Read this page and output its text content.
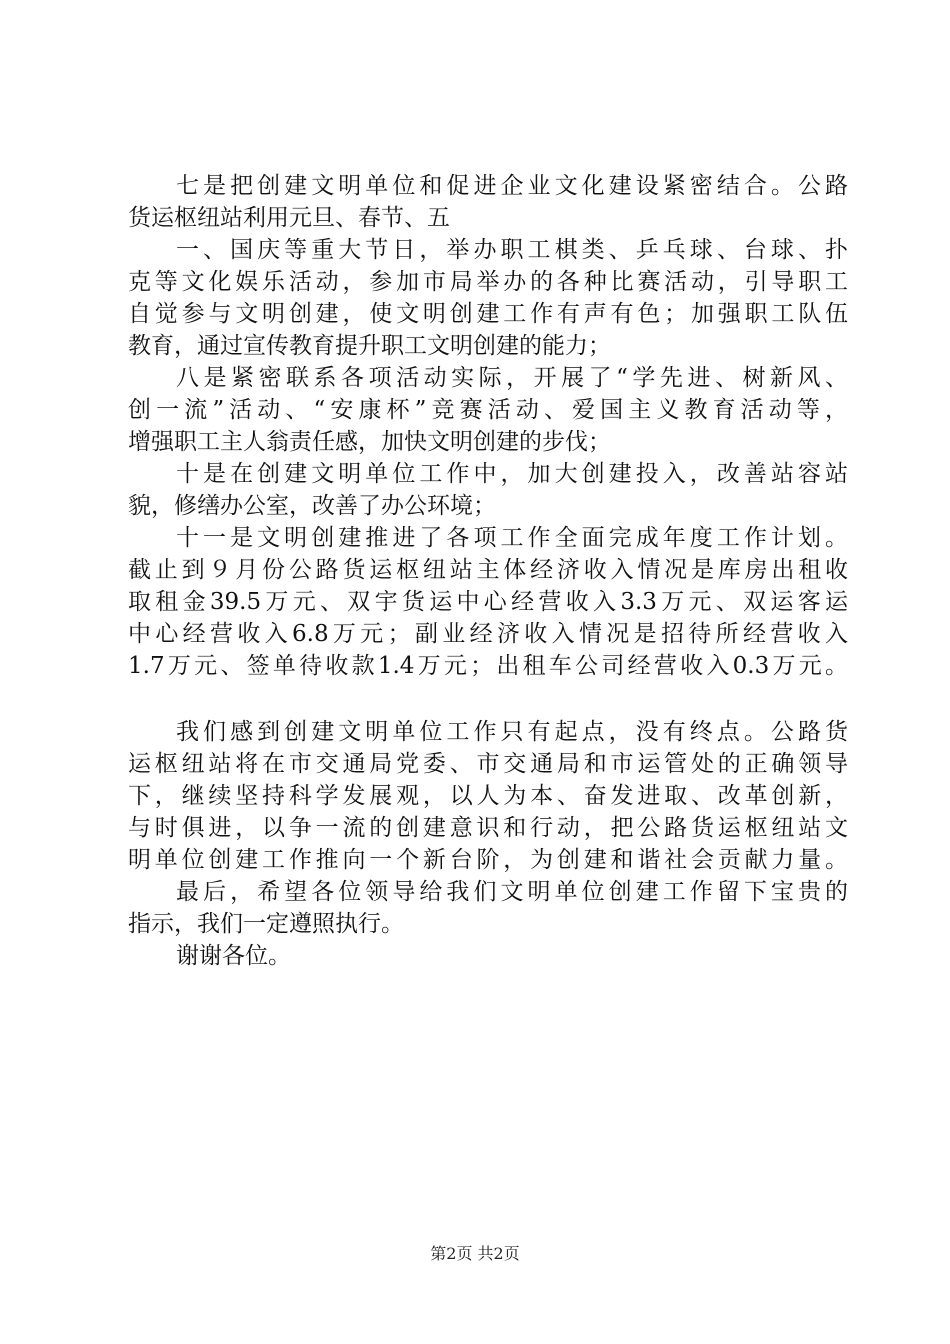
七是把创建文明单位和促进企业文化建设紧密结合。公路
货运枢纽站利用元旦、春节、五
一、国庆等重大节日，举办职工棋类、乒乓球、台球、扑
克等文化娱乐活动，参加市局举办的各种比赛活动，引导职工
自觉参与文明创建，使文明创建工作有声有色；加强职工队伍
教育，通过宣传教育提升职工文明创建的能力；
八是紧密联系各项活动实际，开展了“学先进、树新风、
创一流”活动、“安康杯”竞赛活动、爱国主义教育活动等，
增强职工主人翁责任感，加快文明创建的步伐；
十是在创建文明单位工作中，加大创建投入，改善站容站
貌，修缮办公室，改善了办公环境；
十一是文明创建推进了各项工作全面完成年度工作计划。
截止到９月份公路货运枢纽站主体经济收入情况是库房出租收
取租金39.5万元、双宇货运中心经营收入3.3万元、双运客运
中心经营收入6.8万元；副业经济收入情况是招待所经营收入
1.7万元、签单待收款1.4万元；出租车公司经营收入0.3万元。
我们感到创建文明单位工作只有起点，没有终点。公路货
运枢纽站将在市交通局党委、市交通局和市运管处的正确领导
下，继续坚持科学发展观，以人为本、奋发进取、改革创新，
与时俱进，以争一流的创建意识和行动，把公路货运枢纽站文
明单位创建工作推向一个新台阶，为创建和谐社会贡献力量。
最后，希望各位领导给我们文明单位创建工作留下宝贵的
指示，我们一定遵照执行。
谢谢各位。
第2页 共2页
